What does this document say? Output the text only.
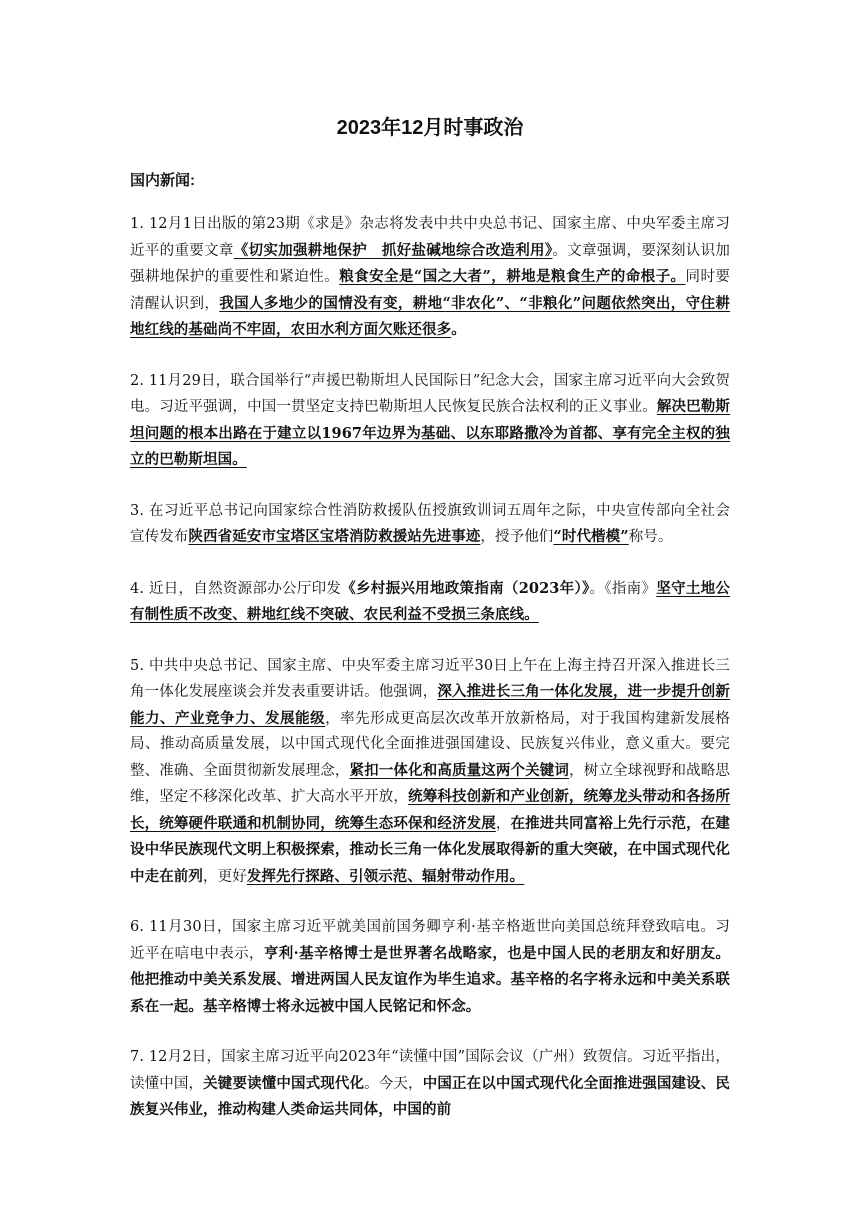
2023年12月时事政治
国内新闻:

1. 12月1日出版的第23期《求是》杂志将发表中共中央总书记、国家主席、中央军委主席习近平的重要文章《切实加强耕地保护　抓好盐碱地综合改造利用》。文章强调，要深刻认识加强耕地保护的重要性和紧迫性。粮食安全是“国之大者”，耕地是粮食生产的命根子。同时要清醒认识到，我国人多地少的国情没有变，耕地“非农化”、“非粮化”问题依然突出，守住耕地红线的基础尚不牢固，农田水利方面欠账还很多。

2. 11月29日，联合国举行“声援巴勒斯坦人民国际日”纪念大会，国家主席习近平向大会致贺电。习近平强调，中国一贯坚定支持巴勒斯坦人民恢复民族合法权利的正义事业。解决巴勒斯坦问题的根本出路在于建立以1967年边界为基础、以东耶路撒冷为首都、享有完全主权的独立的巴勒斯坦国。

3. 在习近平总书记向国家综合性消防救援队伍授旗致训词五周年之际，中央宣传部向全社会宣传发布陕西省延安市宝塔区宝塔消防救援站先进事迹，授予他们“时代楷模”称号。

4. 近日，自然资源部办公厅印发《乡村振兴用地政策指南（2023年）》。《指南》坚守土地公有制性质不改变、耕地红线不突破、农民利益不受损三条底线。

5. 中共中央总书记、国家主席、中央军委主席习近平30日上午在上海主持召开深入推进长三角一体化发展座谈会并发表重要讲话。他强调，深入推进长三角一体化发展，进一步提升创新能力、产业竞争力、发展能级，率先形成更高层次改革开放新格局，对于我国构建新发展格局、推动高质量发展，以中国式现代化全面推进强国建设、民族复兴伟业，意义重大。要完整、准确、全面贯彻新发展理念，紧扣一体化和高质量这两个关键词，树立全球视野和战略思维，坚定不移深化改革、扩大高水平开放，统筹科技创新和产业创新，统筹龙头带动和各扬所长，统筹硬件联通和机制协同，统筹生态环保和经济发展，在推进共同富裕上先行示范，在建设中华民族现代文明上积极探索，推动长三角一体化发展取得新的重大突破，在中国式现代化中走在前列，更好发挥先行探路、引领示范、辐射带动作用。

6. 11月30日，国家主席习近平就美国前国务卿亨利·基辛格逝世向美国总统拜登致唁电。习近平在唁电中表示，亨利·基辛格博士是世界著名战略家，也是中国人民的老朋友和好朋友。他把推动中美关系发展、增进两国人民友谊作为毕生追求。基辛格的名字将永远和中美关系联系在一起。基辛格博士将永远被中国人民铭记和怀念。

7. 12月2日，国家主席习近平向2023年“读懂中国”国际会议（广州）致贺信。习近平指出，读懂中国，关键要读懂中国式现代化。今天，中国正在以中国式现代化全面推进强国建设、民族复兴伟业，推动构建人类命运共同体，中国的前
